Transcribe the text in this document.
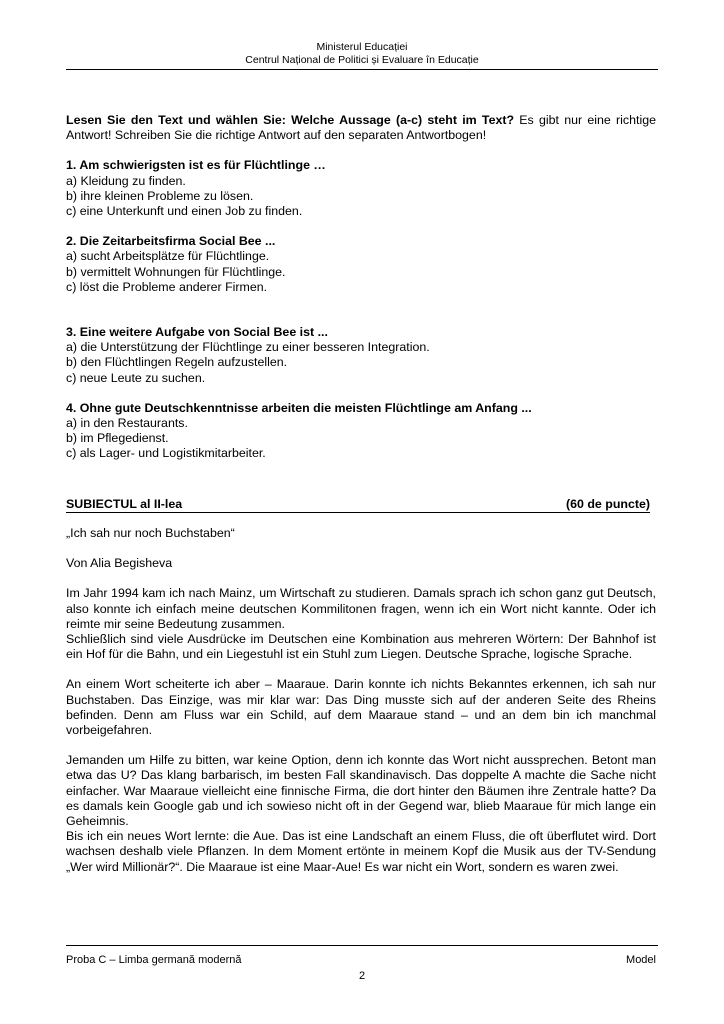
Ministerul Educației
Centrul Național de Politici și Evaluare în Educație

Lesen Sie den Text und wählen Sie: Welche Aussage (a-c) steht im Text? Es gibt nur eine richtige Antwort! Schreiben Sie die richtige Antwort auf den separaten Antwortbogen!

1. Am schwierigsten ist es für Flüchtlinge …

a) Kleidung zu finden.

b) ihre kleinen Probleme zu lösen.

c) eine Unterkunft und einen Job zu finden.

2. Die Zeitarbeitsfirma Social Bee ...

a) sucht Arbeitsplätze für Flüchtlinge.

b) vermittelt Wohnungen für Flüchtlinge.

c) löst die Probleme anderer Firmen.

3. Eine weitere Aufgabe von Social Bee ist ...

a) die Unterstützung der Flüchtlinge zu einer besseren Integration.

b) den Flüchtlingen Regeln aufzustellen.

c) neue Leute zu suchen.

4. Ohne gute Deutschkenntnisse arbeiten die meisten Flüchtlinge am Anfang ...

a) in den Restaurants.

b) im Pflegedienst.

c) als Lager- und Logistikmitarbeiter.

SUBIECTUL al II-lea	(60 de puncte)

„Ich sah nur noch Buchstaben“

Von Alia Begisheva

Im Jahr 1994 kam ich nach Mainz, um Wirtschaft zu studieren. Damals sprach ich schon ganz gut Deutsch, also konnte ich einfach meine deutschen Kommilitonen fragen, wenn ich ein Wort nicht kannte. Oder ich reimte mir seine Bedeutung zusammen.

Schließlich sind viele Ausdrücke im Deutschen eine Kombination aus mehreren Wörtern: Der Bahnhof ist ein Hof für die Bahn, und ein Liegestuhl ist ein Stuhl zum Liegen. Deutsche Sprache, logische Sprache.

An einem Wort scheiterte ich aber – Maaraue. Darin konnte ich nichts Bekanntes erkennen, ich sah nur Buchstaben. Das Einzige, was mir klar war: Das Ding musste sich auf der anderen Seite des Rheins befinden. Denn am Fluss war ein Schild, auf dem Maaraue stand – und an dem bin ich manchmal vorbeigefahren.

Jemanden um Hilfe zu bitten, war keine Option, denn ich konnte das Wort nicht aussprechen. Betont man etwa das U? Das klang barbarisch, im besten Fall skandinavisch. Das doppelte A machte die Sache nicht einfacher. War Maaraue vielleicht eine finnische Firma, die dort hinter den Bäumen ihre Zentrale hatte? Da es damals kein Google gab und ich sowieso nicht oft in der Gegend war, blieb Maaraue für mich lange ein Geheimnis.

Bis ich ein neues Wort lernte: die Aue. Das ist eine Landschaft an einem Fluss, die oft überflutet wird. Dort wachsen deshalb viele Pflanzen. In dem Moment ertönte in meinem Kopf die Musik aus der TV-Sendung „Wer wird Millionär?“. Die Maaraue ist eine Maar-Aue! Es war nicht ein Wort, sondern es waren zwei.

Proba C – Limba germană modernă	Model
2
